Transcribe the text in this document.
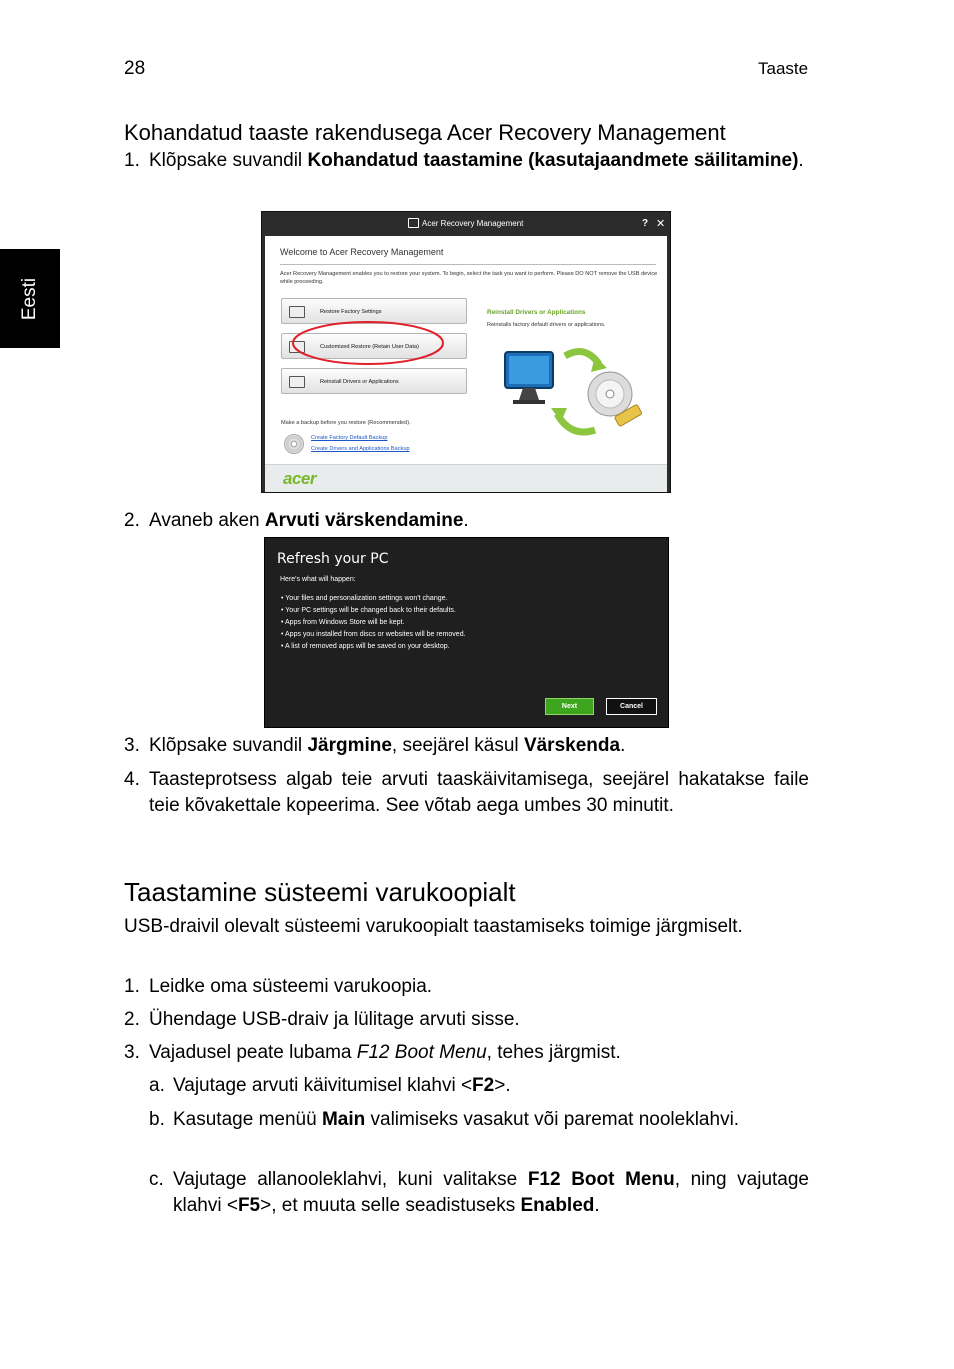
28	Taaste
Eesti
Kohandatud taaste rakendusega Acer Recovery Management
1. Klõpsake suvandil Kohandatud taastamine (kasutajaandmete säilitamine).
Acer Recovery Management	? ✕
Welcome to Acer Recovery Management
Acer Recovery Management enables you to restore your system. To begin, select the task you want to perform. Please DO NOT remove the USB device while proceeding.
Restore Factory Settings
Customized Restore (Retain User Data)
Reinstall Drivers or Applications
Reinstall Drivers or Applications
Reinstalls factory default drivers or applications.
Make a backup before you restore (Recommended).
Create Factory Default Backup
Create Drivers and Applications Backup
acer
2. Avaneb aken Arvuti värskendamine.
Refresh your PC
Here's what will happen:
• Your files and personalization settings won't change.
• Your PC settings will be changed back to their defaults.
• Apps from Windows Store will be kept.
• Apps you installed from discs or websites will be removed.
• A list of removed apps will be saved on your desktop.
Next	Cancel
3. Klõpsake suvandil Järgmine, seejärel käsul Värskenda.
4. Taasteprotsess algab teie arvuti taaskäivitamisega, seejärel hakatakse faile teie kõvakettale kopeerima. See võtab aega umbes 30 minutit.
Taastamine süsteemi varukoopialt
USB-draivil olevalt süsteemi varukoopialt taastamiseks toimige järgmiselt.
1. Leidke oma süsteemi varukoopia.
2. Ühendage USB-draiv ja lülitage arvuti sisse.
3. Vajadusel peate lubama F12 Boot Menu, tehes järgmist.
a. Vajutage arvuti käivitumisel klahvi <F2>.
b. Kasutage menüü Main valimiseks vasakut või paremat nooleklahvi.
c. Vajutage allanooleklahvi, kuni valitakse F12 Boot Menu, ning vajutage klahvi <F5>, et muuta selle seadistuseks Enabled.
